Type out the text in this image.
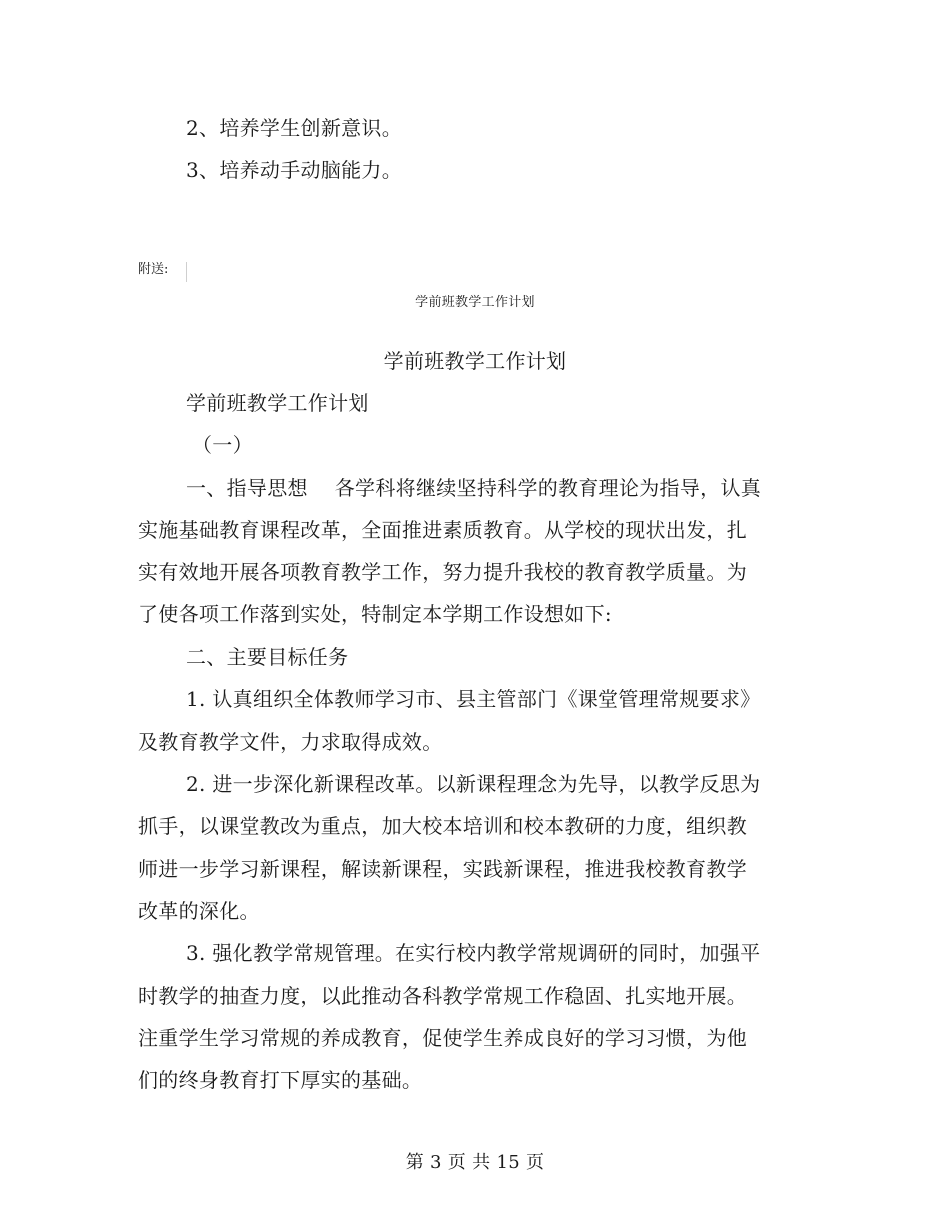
2、培养学生创新意识。
3、培养动手动脑能力。
附送:
学前班教学工作计划
学前班教学工作计划
学前班教学工作计划
（一）
一、指导思想　 各学科将继续坚持科学的教育理论为指导，认真
实施基础教育课程改革，全面推进素质教育。从学校的现状出发，扎
实有效地开展各项教育教学工作，努力提升我校的教育教学质量。为
了使各项工作落到实处，特制定本学期工作设想如下:
二、主要目标任务
1. 认真组织全体教师学习市、县主管部门《课堂管理常规要求》
及教育教学文件，力求取得成效。
2. 进一步深化新课程改革。以新课程理念为先导，以教学反思为
抓手，以课堂教改为重点，加大校本培训和校本教研的力度，组织教
师进一步学习新课程，解读新课程，实践新课程，推进我校教育教学
改革的深化。
3. 强化教学常规管理。在实行校内教学常规调研的同时，加强平
时教学的抽查力度，以此推动各科教学常规工作稳固、扎实地开展。
注重学生学习常规的养成教育，促使学生养成良好的学习习惯，为他
们的终身教育打下厚实的基础。
第 3 页 共 15 页
